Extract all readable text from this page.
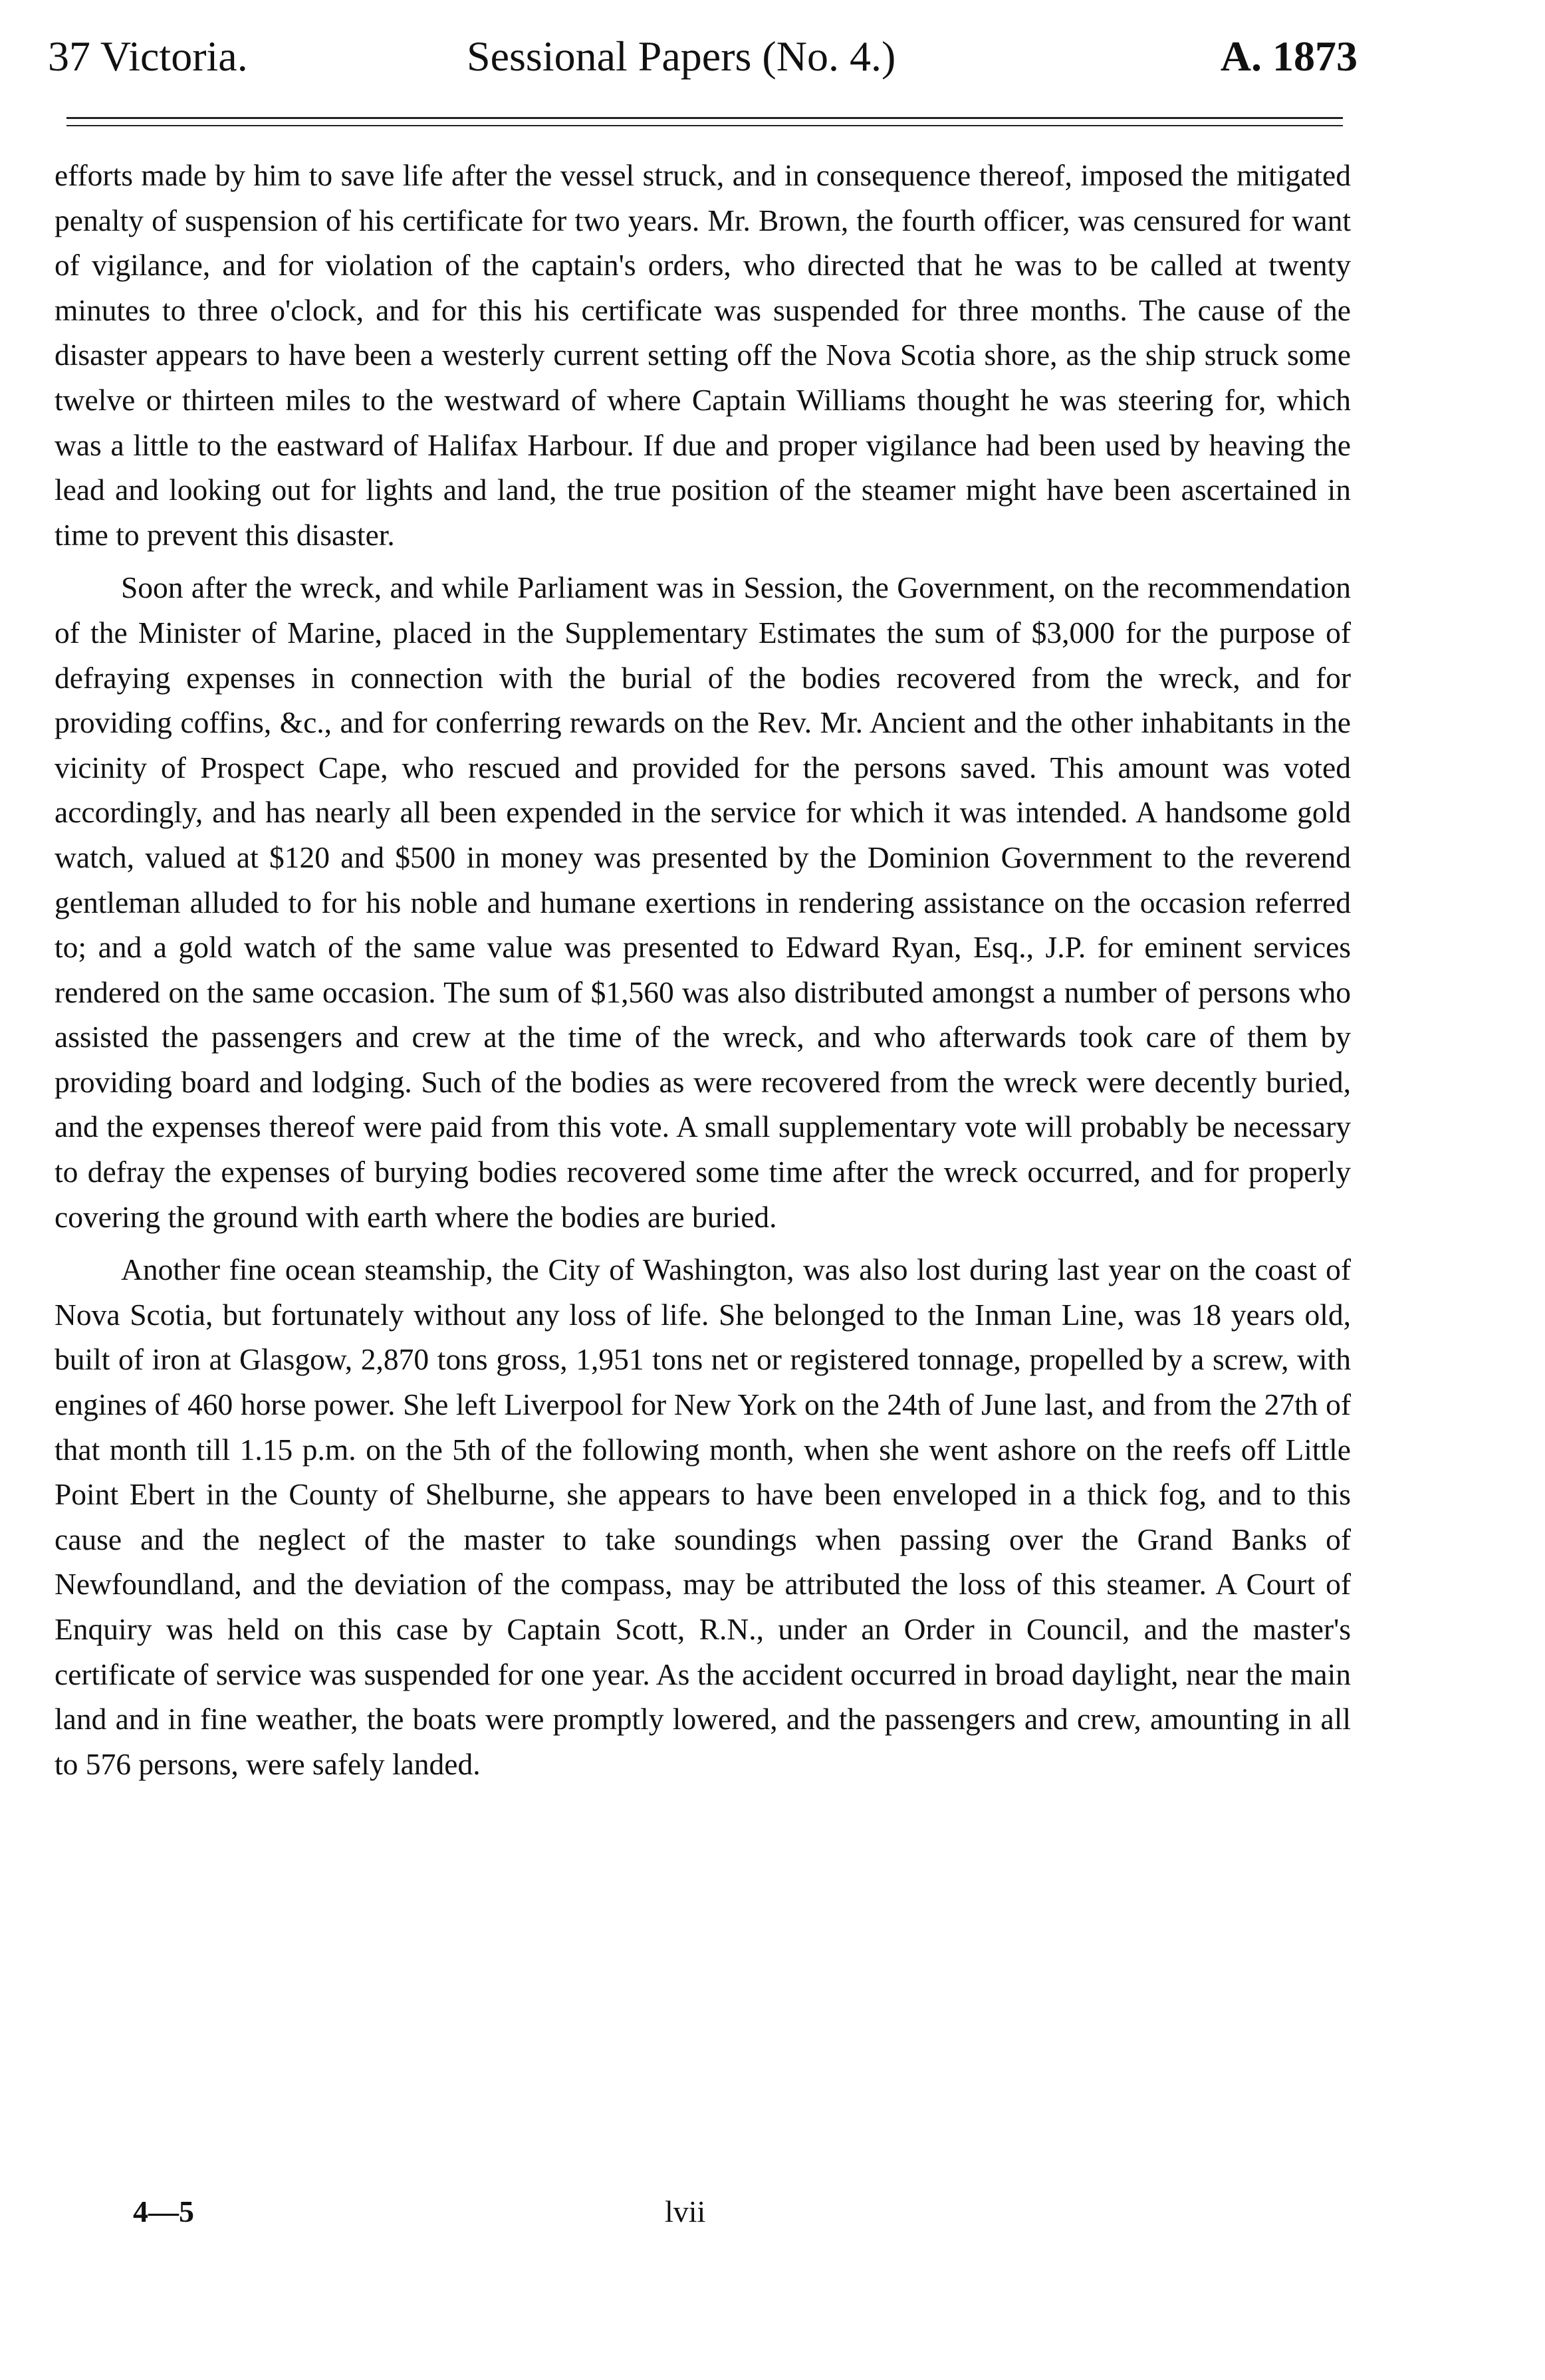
37 Victoria.	Sessional Papers (No. 4.)	A. 1873

efforts made by him to save life after the vessel struck, and in consequence thereof, imposed the mitigated penalty of suspension of his certificate for two years. Mr. Brown, the fourth officer, was censured for want of vigilance, and for violation of the captain's orders, who directed that he was to be called at twenty minutes to three o'clock, and for this his certificate was suspended for three months. The cause of the disaster appears to have been a westerly current setting off the Nova Scotia shore, as the ship struck some twelve or thirteen miles to the westward of where Captain Williams thought he was steering for, which was a little to the eastward of Halifax Harbour. If due and proper vigilance had been used by heaving the lead and looking out for lights and land, the true position of the steamer might have been ascertained in time to prevent this disaster.

Soon after the wreck, and while Parliament was in Session, the Government, on the recommendation of the Minister of Marine, placed in the Supplementary Estimates the sum of $3,000 for the purpose of defraying expenses in connection with the burial of the bodies recovered from the wreck, and for providing coffins, &c., and for conferring rewards on the Rev. Mr. Ancient and the other inhabitants in the vicinity of Prospect Cape, who rescued and provided for the persons saved. This amount was voted accordingly, and has nearly all been expended in the service for which it was intended. A handsome gold watch, valued at $120 and $500 in money was presented by the Dominion Government to the reverend gentleman alluded to for his noble and humane exertions in rendering assistance on the occasion referred to; and a gold watch of the same value was presented to Edward Ryan, Esq., J.P. for eminent services rendered on the same occasion. The sum of $1,560 was also distributed amongst a number of persons who assisted the passengers and crew at the time of the wreck, and who afterwards took care of them by providing board and lodging. Such of the bodies as were recovered from the wreck were decently buried, and the expenses thereof were paid from this vote. A small supplementary vote will probably be necessary to defray the expenses of burying bodies recovered some time after the wreck occurred, and for properly covering the ground with earth where the bodies are buried.

Another fine ocean steamship, the City of Washington, was also lost during last year on the coast of Nova Scotia, but fortunately without any loss of life. She belonged to the Inman Line, was 18 years old, built of iron at Glasgow, 2,870 tons gross, 1,951 tons net or registered tonnage, propelled by a screw, with engines of 460 horse power. She left Liverpool for New York on the 24th of June last, and from the 27th of that month till 1.15 p.m. on the 5th of the following month, when she went ashore on the reefs off Little Point Ebert in the County of Shelburne, she appears to have been enveloped in a thick fog, and to this cause and the neglect of the master to take soundings when passing over the Grand Banks of Newfoundland, and the deviation of the compass, may be attributed the loss of this steamer. A Court of Enquiry was held on this case by Captain Scott, R.N., under an Order in Council, and the master's certificate of service was suspended for one year. As the accident occurred in broad daylight, near the main land and in fine weather, the boats were promptly lowered, and the passengers and crew, amounting in all to 576 persons, were safely landed.

4—5	lvii
